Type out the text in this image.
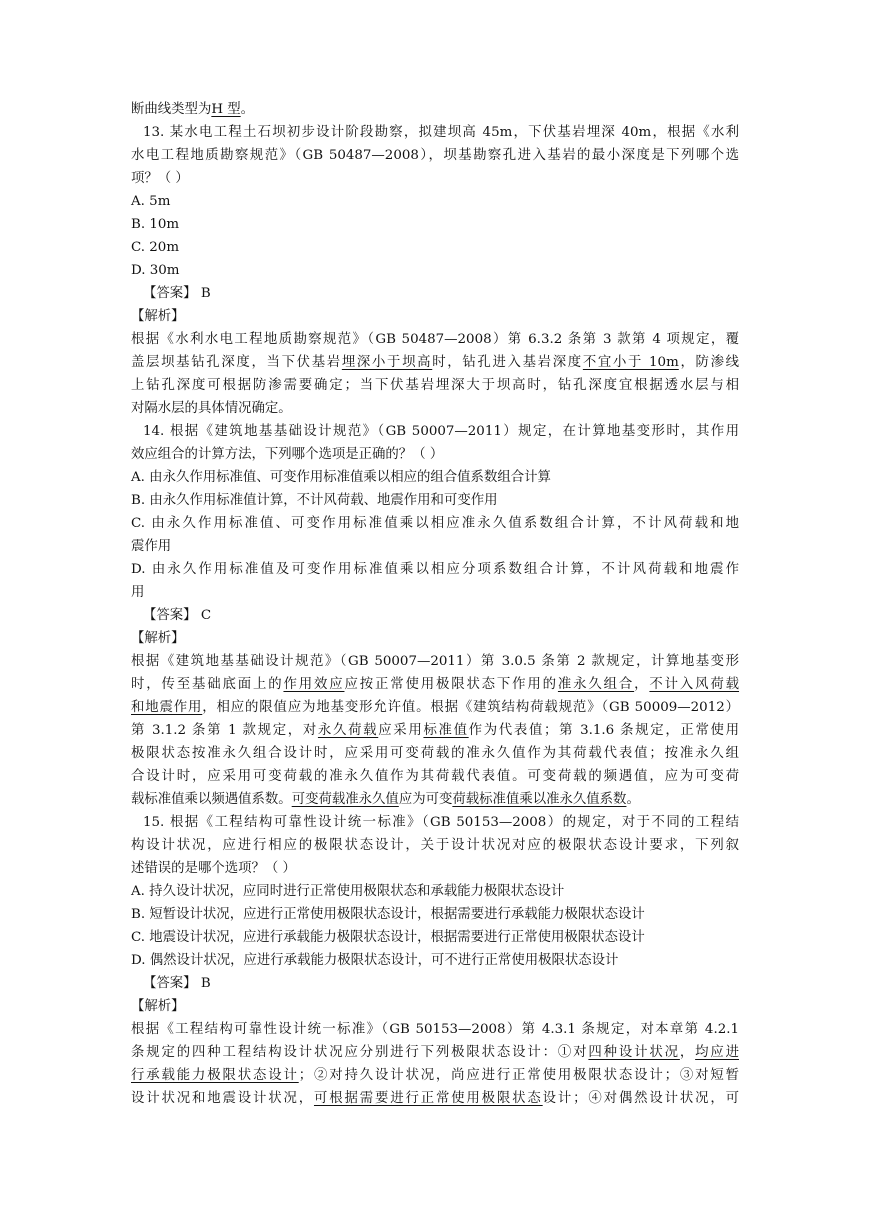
断曲线类型为H 型。
13. 某水电工程土石坝初步设计阶段勘察，拟建坝高 45m，下伏基岩埋深 40m，根据《水利
水电工程地质勘察规范》（GB 50487—2008），坝基勘察孔进入基岩的最小深度是下列哪个选
项？（ ）
A. 5m
B. 10m
C. 20m
D. 30m
【答案】 B
【解析】
根据《水利水电工程地质勘察规范》（GB 50487—2008）第 6.3.2 条第 3 款第 4 项规定，覆
盖层坝基钻孔深度，当下伏基岩埋深小于坝高时，钻孔进入基岩深度不宜小于 10m，防渗线
上钻孔深度可根据防渗需要确定；当下伏基岩埋深大于坝高时，钻孔深度宜根据透水层与相
对隔水层的具体情况确定。
14. 根据《建筑地基基础设计规范》（GB 50007—2011）规定，在计算地基变形时，其作用
效应组合的计算方法，下列哪个选项是正确的？（ ）
A. 由永久作用标准值、可变作用标准值乘以相应的组合值系数组合计算
B. 由永久作用标准值计算，不计风荷载、地震作用和可变作用
C. 由永久作用标准值、可变作用标准值乘以相应准永久值系数组合计算，不计风荷载和地
震作用
D. 由永久作用标准值及可变作用标准值乘以相应分项系数组合计算，不计风荷载和地震作
用
【答案】 C
【解析】
根据《建筑地基基础设计规范》（GB 50007—2011）第 3.0.5 条第 2 款规定，计算地基变形
时，传至基础底面上的作用效应应按正常使用极限状态下作用的准永久组合，不计入风荷载
和地震作用，相应的限值应为地基变形允许值。根据《建筑结构荷载规范》（GB 50009—2012）
第 3.1.2 条第 1 款规定，对永久荷载应采用标准值作为代表值；第 3.1.6 条规定，正常使用
极限状态按准永久组合设计时，应采用可变荷载的准永久值作为其荷载代表值；按准永久组
合设计时，应采用可变荷载的准永久值作为其荷载代表值。可变荷载的频遇值，应为可变荷
载标准值乘以频遇值系数。可变荷载准永久值应为可变荷载标准值乘以准永久值系数。
15. 根据《工程结构可靠性设计统一标准》（GB 50153—2008）的规定，对于不同的工程结
构设计状况，应进行相应的极限状态设计，关于设计状况对应的极限状态设计要求，下列叙
述错误的是哪个选项？（ ）
A. 持久设计状况，应同时进行正常使用极限状态和承载能力极限状态设计
B. 短暂设计状况，应进行正常使用极限状态设计，根据需要进行承载能力极限状态设计
C. 地震设计状况，应进行承载能力极限状态设计，根据需要进行正常使用极限状态设计
D. 偶然设计状况，应进行承载能力极限状态设计，可不进行正常使用极限状态设计
【答案】 B
【解析】
根据《工程结构可靠性设计统一标准》（GB 50153—2008）第 4.3.1 条规定，对本章第 4.2.1
条规定的四种工程结构设计状况应分别进行下列极限状态设计：①对四种设计状况，均应进
行承载能力极限状态设计；②对持久设计状况，尚应进行正常使用极限状态设计；③对短暂
设计状况和地震设计状况，可根据需要进行正常使用极限状态设计；④对偶然设计状况，可
